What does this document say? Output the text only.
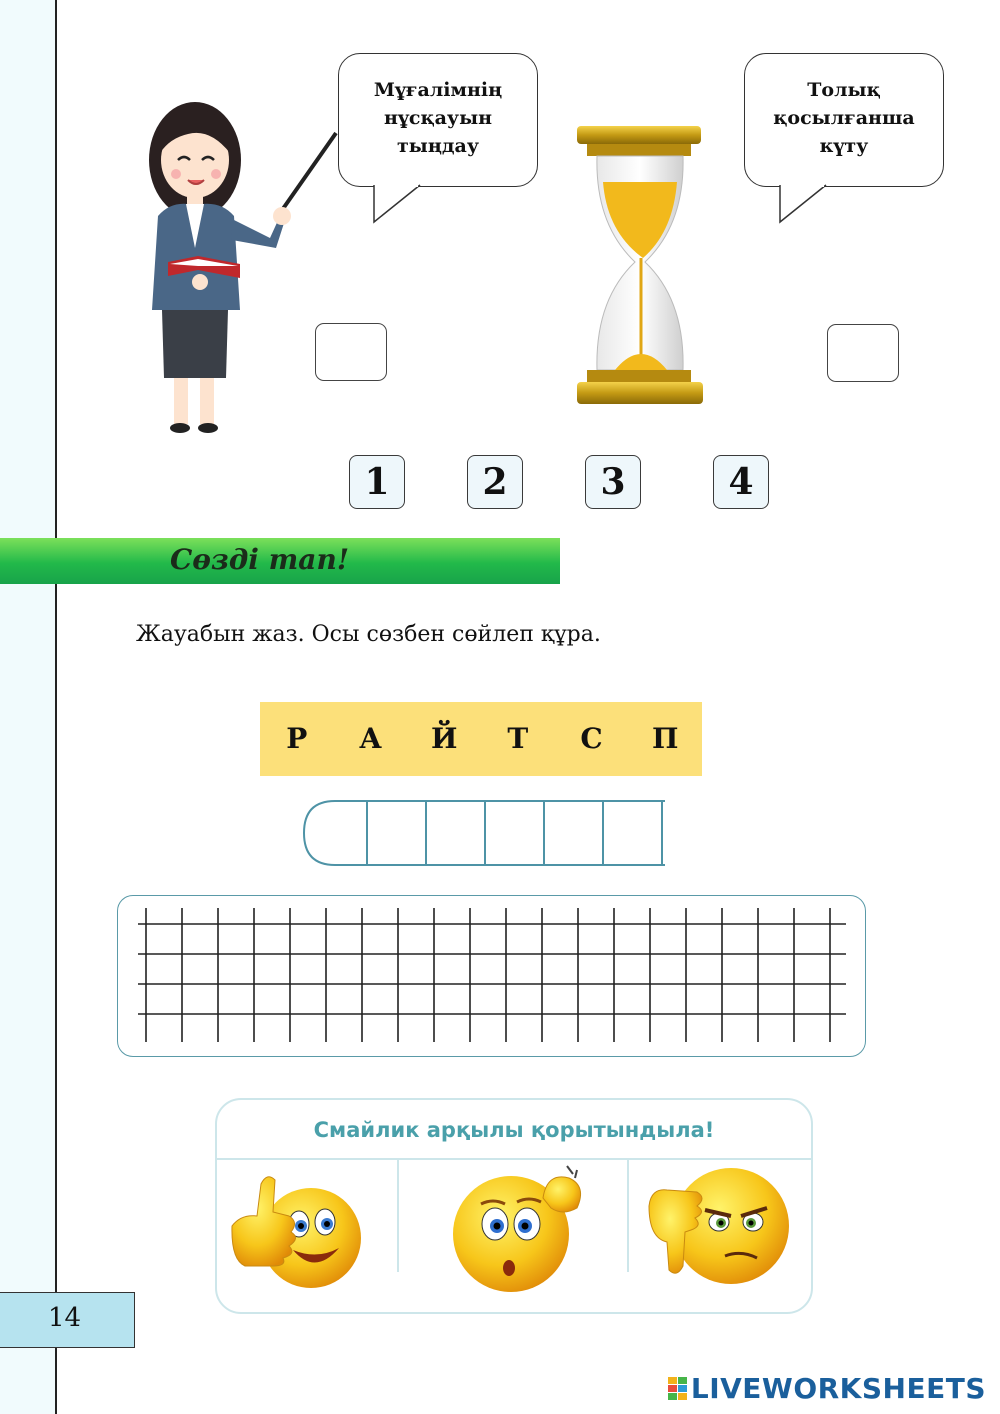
Мұғалімнің
нұсқауын
тыңдау
Толық
қосылғанша
күту
1	2	3	4
Сөзді тап!
Жауабын жаз. Осы сөзбен сөйлеп құра.
Р	А	Й	Т	С	П
Смайлик арқылы қорытындыла!
14
LIVEWORKSHEETS
